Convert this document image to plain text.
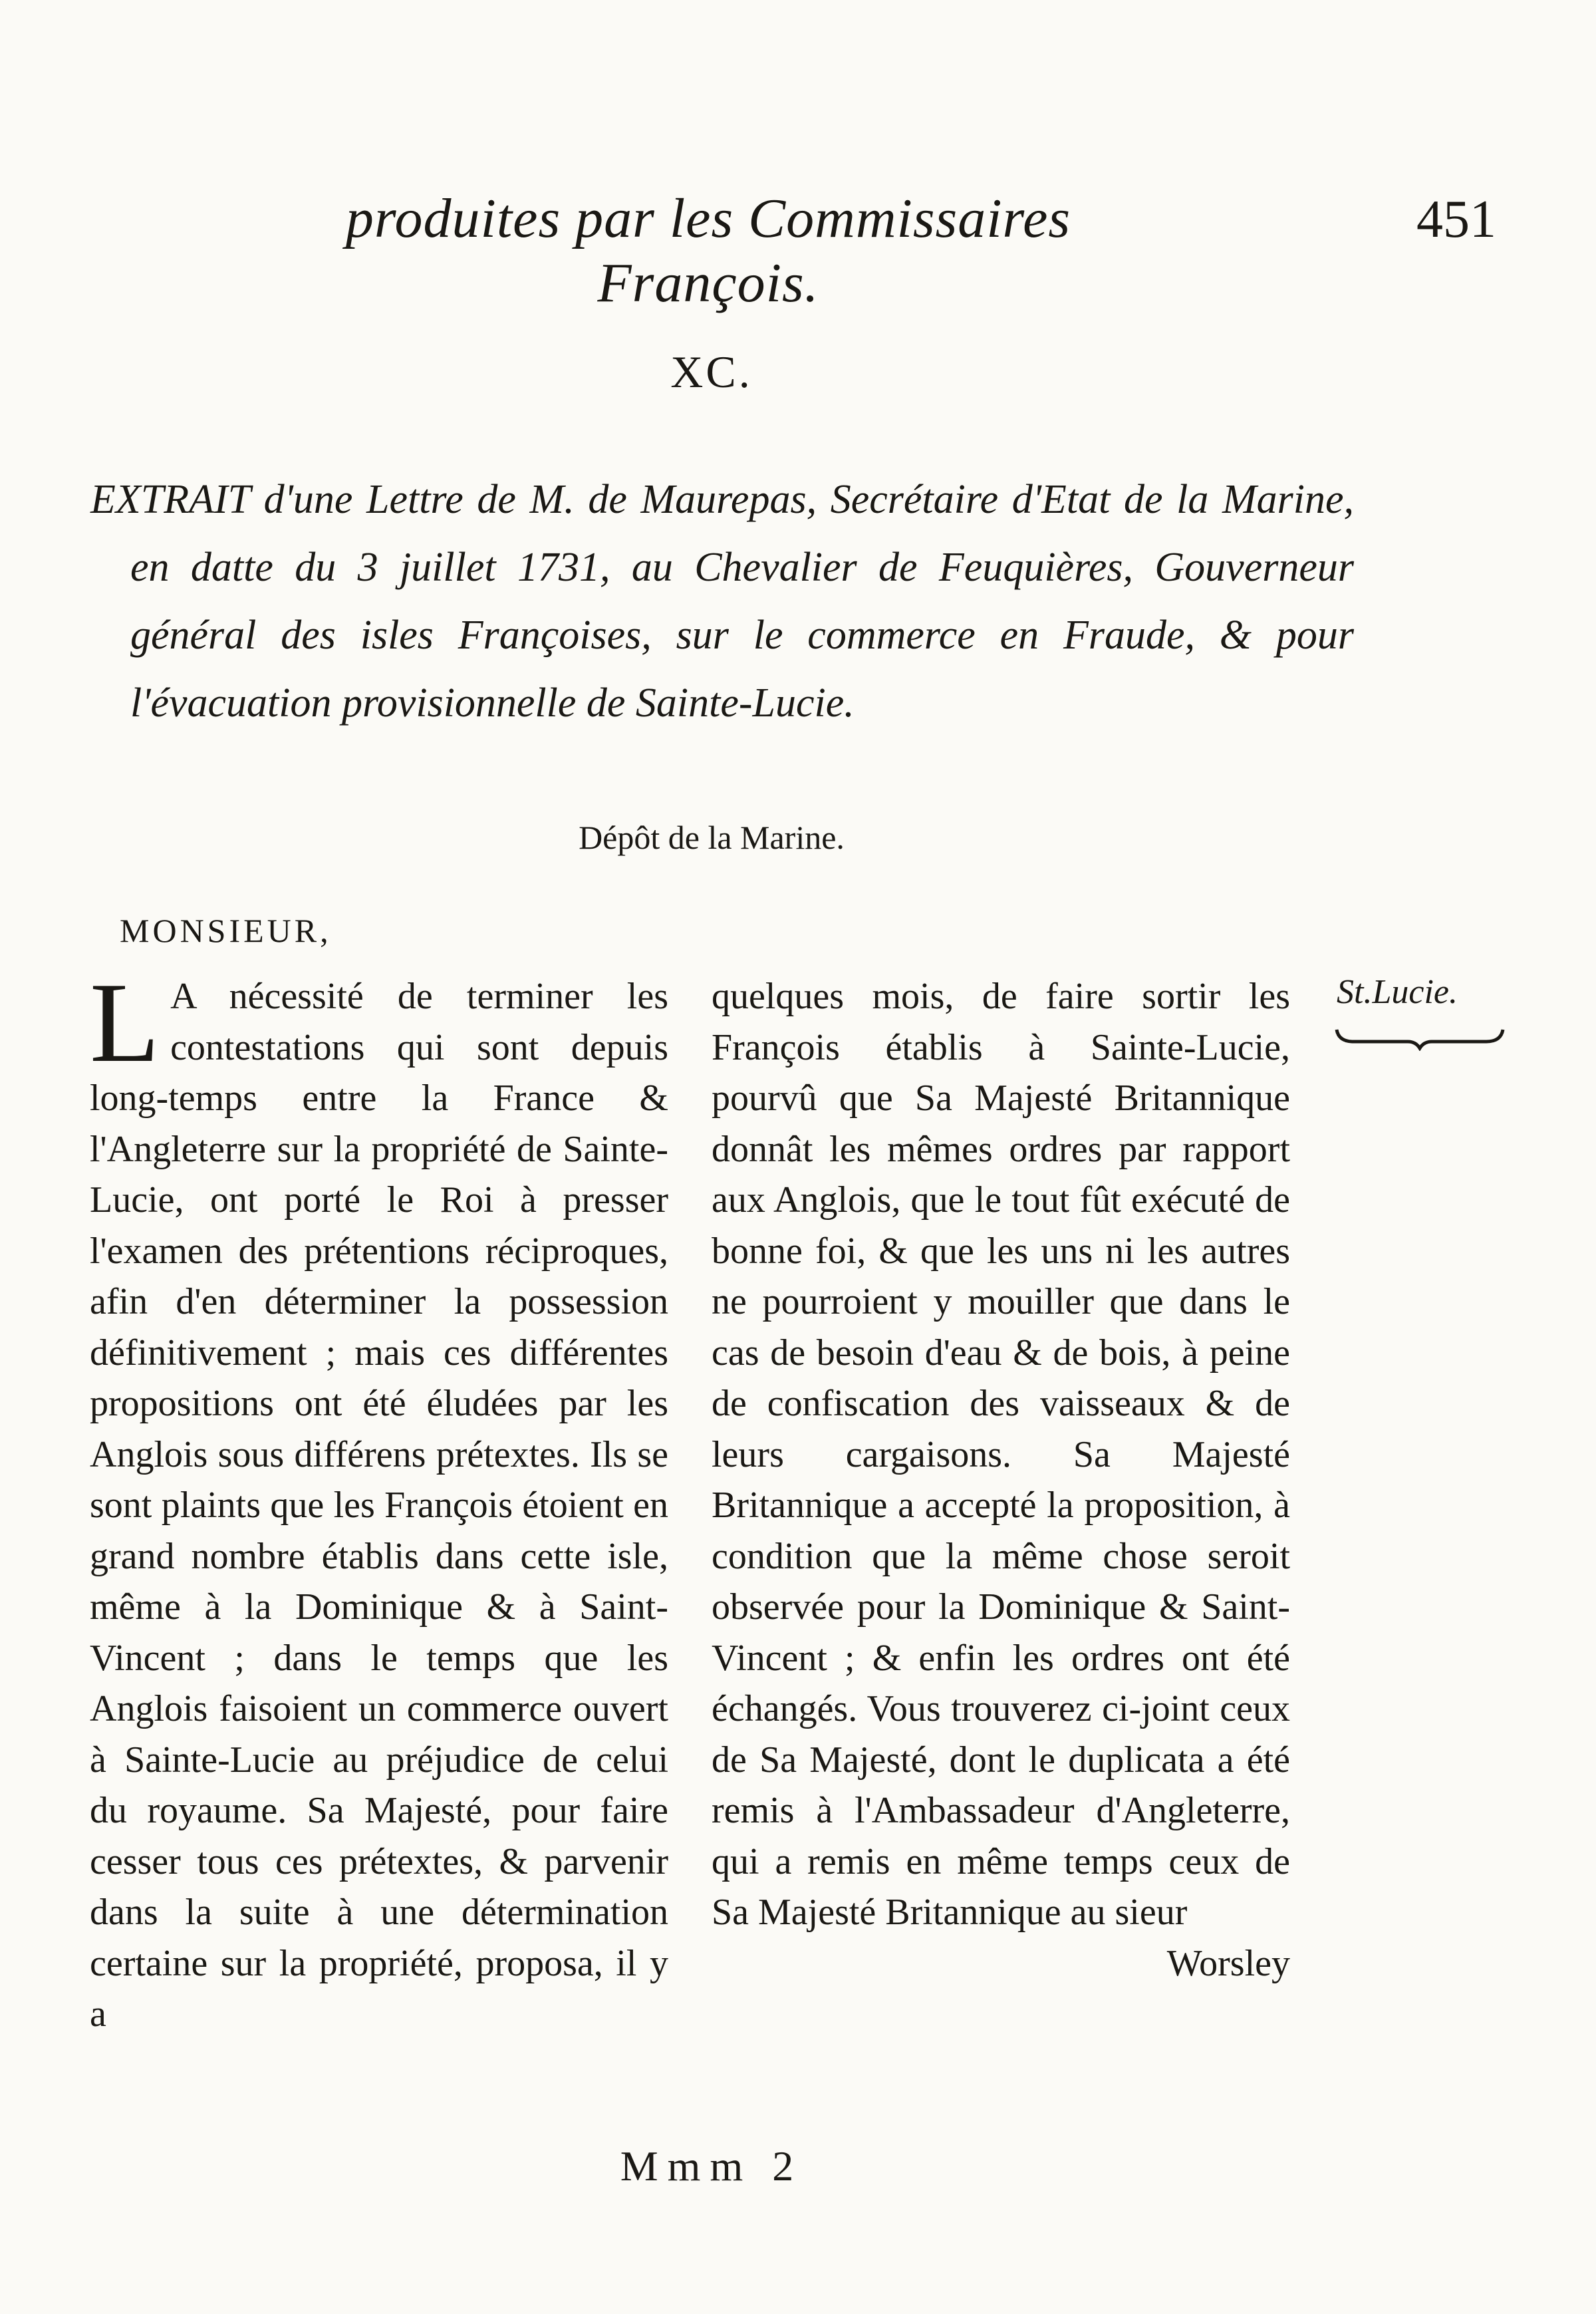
produites par les Commissaires François.
451
XC.
EXTRAIT d'une Lettre de M. de Maurepas, Secrétaire d'Etat de la Marine, en datte du 3 juillet 1731, au Chevalier de Feuquières, Gouverneur général des isles Françoises, sur le commerce en Fraude, & pour l'évacuation provisionnelle de Sainte-Lucie.
Dépôt de la Marine.
MONSIEUR,
L A nécessité de terminer les contestations qui sont depuis long-temps entre la France & l'Angleterre sur la propriété de Sainte-Lucie, ont porté le Roi à presser l'examen des prétentions réciproques, afin d'en déterminer la possession définitivement ; mais ces différentes propositions ont été éludées par les Anglois sous différens prétextes. Ils se sont plaints que les François étoient en grand nombre établis dans cette isle, même à la Dominique & à Saint-Vincent ; dans le temps que les Anglois faisoient un commerce ouvert à Sainte-Lucie au préjudice de celui du royaume. Sa Majesté, pour faire cesser tous ces prétextes, & parvenir dans la suite à une détermination certaine sur la propriété, proposa, il y a
quelques mois, de faire sortir les François établis à Sainte-Lucie, pourvû que Sa Majesté Britannique donnât les mêmes ordres par rapport aux Anglois, que le tout fût exécuté de bonne foi, & que les uns ni les autres ne pourroient y mouiller que dans le cas de besoin d'eau & de bois, à peine de confiscation des vaisseaux & de leurs cargaisons. Sa Majesté Britannique a accepté la proposition, à condition que la même chose seroit observée pour la Dominique & Saint-Vincent ; & enfin les ordres ont été échangés. Vous trouverez ci-joint ceux de Sa Majesté, dont le duplicata a été remis à l'Ambassadeur d'Angleterre, qui a remis en même temps ceux de Sa Majesté Britannique au sieur
Worsley
St.Lucie.
Mmm 2
